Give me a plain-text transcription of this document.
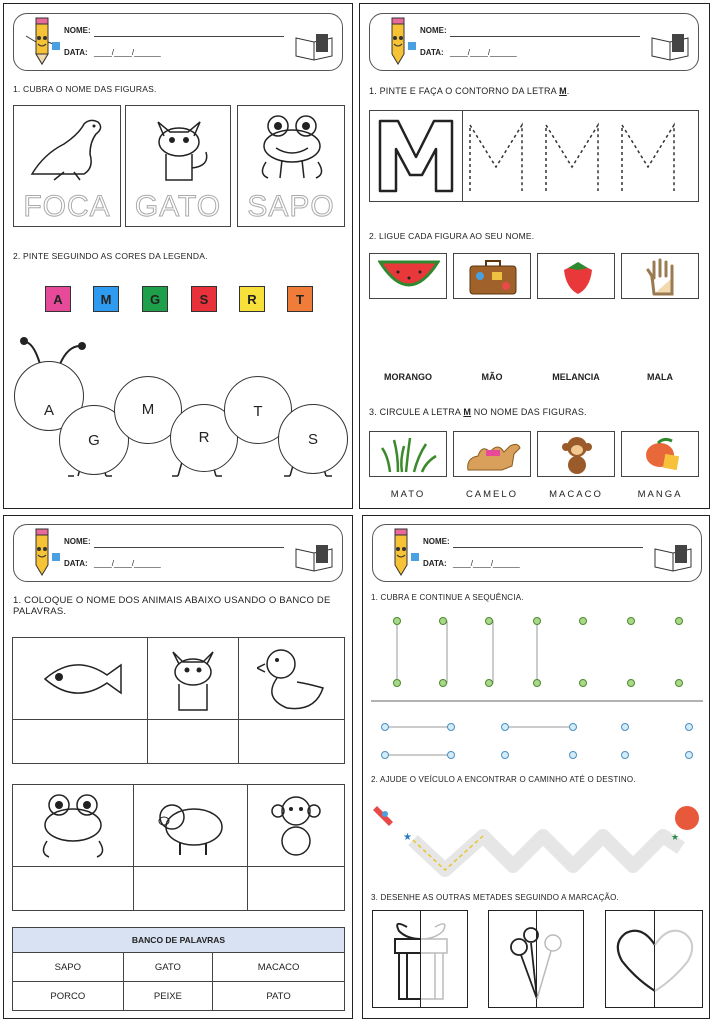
NOME:
DATA: ____/____/______
1. CUBRA O NOME DAS FIGURAS.
FOCA GATO SAPO
2. PINTE SEGUINDO AS CORES DA LEGENDA.
A	M	G	S	R	T
A
G
M
R
T
S
NOME:
DATA: ____/____/______
1. PINTE E FAÇA O CONTORNO DA LETRA M.
2. LIGUE CADA FIGURA AO SEU NOME.
MORANGO	MÃO	MELANCIA	MALA
3. CIRCULE A LETRA M NO NOME DAS FIGURAS.
MATO	CAMELO	MACACO	MANGA
NOME:
DATA: ____/____/______
1. COLOQUE O NOME DOS ANIMAIS ABAIXO USANDO O BANCO DE PALAVRAS.

BANCO DE PALAVRAS		
SAPO	GATO	MACACO
PORCO	PEIXE	PATO
NOME:
DATA: ____/____/______
1. CUBRA E CONTINUE A SEQUÊNCIA.
2. AJUDE O VEÍCULO A ENCONTRAR O CAMINHO ATÉ O DESTINO.
★	★
3. DESENHE AS OUTRAS METADES SEGUINDO A MARCAÇÃO.
